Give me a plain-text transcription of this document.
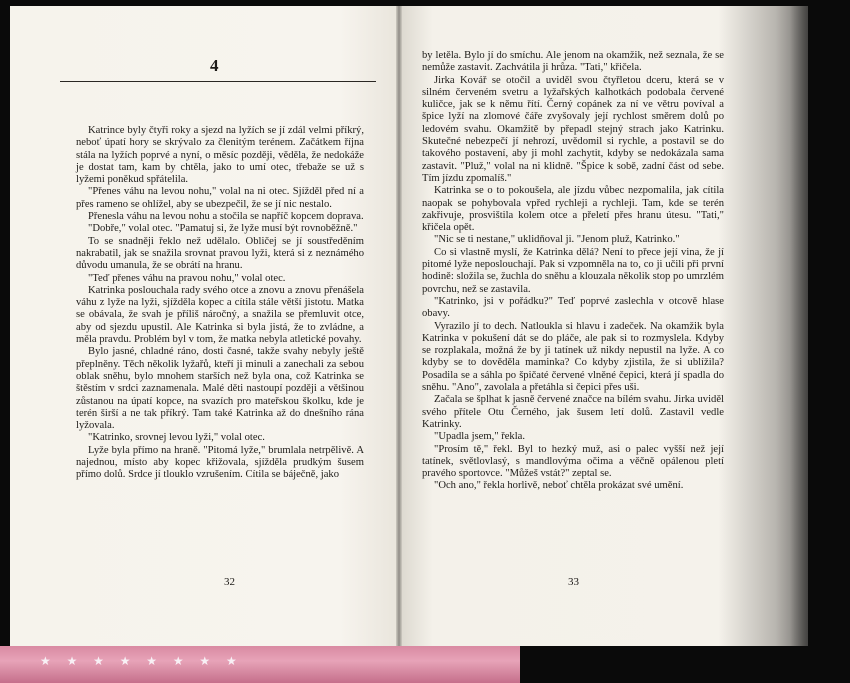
★ ★ ★ ★ ★ ★ ★ ★
4

Katrince byly čtyři roky a sjezd na lyžích se jí zdál velmi příkrý, neboť úpatí hory se skrývalo za členitým terénem. Začátkem října stála na lyžích poprvé a nyní, o měsíc později, věděla, že nedokáže je dostat tam, kam by chtěla, jako to umí otec, třebaže se už s lyžemi poněkud spřátelila.

"Přenes váhu na levou nohu," volal na ni otec. Sjížděl před ní a přes rameno se ohlížel, aby se ubezpečil, že se jí nic nestalo.

Přenesla váhu na levou nohu a stočila se napříč kopcem doprava.

"Dobře," volal otec. "Pamatuj si, že lyže musí být rovnoběžně."

To se snadněji řeklo než udělalo. Obličej se jí soustředěním nakrabatil, jak se snažila srovnat pravou lyži, která si z neznámého důvodu umanula, že se obrátí na hranu.

"Teď přenes váhu na pravou nohu," volal otec.

Katrinka poslouchala rady svého otce a znovu a znovu přenášela váhu z lyže na lyži, sjížděla kopec a cítila stále větší jistotu. Matka se obávala, že svah je příliš náročný, a snažila se přemluvit otce, aby od sjezdu upustil. Ale Katrinka si byla jistá, že to zvládne, a měla pravdu. Problém byl v tom, že matka nebyla atletické povahy.

Bylo jasné, chladné ráno, dosti časné, takže svahy nebyly ještě přeplněny. Těch několik lyžařů, kteří ji minuli a zanechali za sebou oblak sněhu, bylo mnohem starších než byla ona, což Katrinka se štěstím v srdci zaznamenala. Malé děti nastoupí později a většinou zůstanou na úpatí kopce, na svazích pro mateřskou školku, kde je terén širší a ne tak příkrý. Tam také Katrinka až do dnešního rána lyžovala.

"Katrinko, srovnej levou lyži," volal otec.

Lyže byla přímo na hraně. "Pitomá lyže," brumlala netrpělivě. A najednou, místo aby kopec křižovala, sjížděla prudkým šusem přímo dolů. Srdce jí tlouklo vzrušením. Cítila se báječně, jako

by letěla. Bylo jí do smíchu. Ale jenom na okamžik, než seznala, že se nemůže zastavit. Zachvátila ji hrůza. "Tati," křičela.

Jirka Kovář se otočil a uviděl svou čtyřletou dceru, která se v silném červeném svetru a lyžařských kalhotkách podobala červené kuličce, jak se k němu řítí. Černý copánek za ní ve větru povíval a špice lyží na zlomové čáře zvyšovaly její rychlost směrem dolů po ledovém svahu. Okamžitě by přepadl stejný strach jako Katrinku. Skutečné nebezpečí jí nehrozí, uvědomil si rychle, a postavil se do takového postavení, aby ji mohl zachytit, kdyby se nedokázala sama zastavit. "Pluž," volal na ni klidně. "Špice k sobě, zadní část od sebe. Tím jízdu zpomalíš."

Katrinka se o to pokoušela, ale jízdu vůbec nezpomalila, jak cítila naopak se pohybovala vpřed rychleji a rychleji. Tam, kde se terén zakřivuje, prosvištila kolem otce a přeletí přes hranu útesu. "Tati," křičela opět.

"Nic se ti nestane," uklidňoval ji. "Jenom pluž, Katrinko."

Co si vlastně myslí, že Katrinka dělá? Není to přece její vina, že jí pitomé lyže neposlouchají. Pak si vzpomněla na to, co ji učili při první hodině: složila se, žuchla do sněhu a klouzala několik stop po umrzlém povrchu, než se zastavila.

"Katrinko, jsi v pořádku?" Teď poprvé zaslechla v otcově hlase obavy.

Vyrazilo jí to dech. Natloukla si hlavu i zadeček. Na okamžik byla Katrinka v pokušení dát se do pláče, ale pak si to rozmyslela. Kdyby se rozplakala, možná že by ji tatínek už nikdy nepustil na lyže. A co kdyby se to dověděla maminka? Co kdyby zjistila, že si ublížila? Posadila se a sáhla po špičaté červené vlněné čepici, která jí spadla do sněhu. "Ano", zavolala a přetáhla si čepici přes uši.

Začala se šplhat k jasně červené značce na bílém svahu. Jirka uviděl svého přítele Otu Černého, jak šusem letí dolů. Zastavil vedle Katrinky.

"Upadla jsem," řekla.

"Prosím tě," řekl. Byl to hezký muž, asi o palec vyšší než její tatínek, světlovlasý, s mandlovýma očima a věčně opálenou pletí pravého sportovce. "Můžeš vstát?" zeptal se.

"Och ano," řekla horlivě, neboť chtěla prokázat své umění.

32	33
